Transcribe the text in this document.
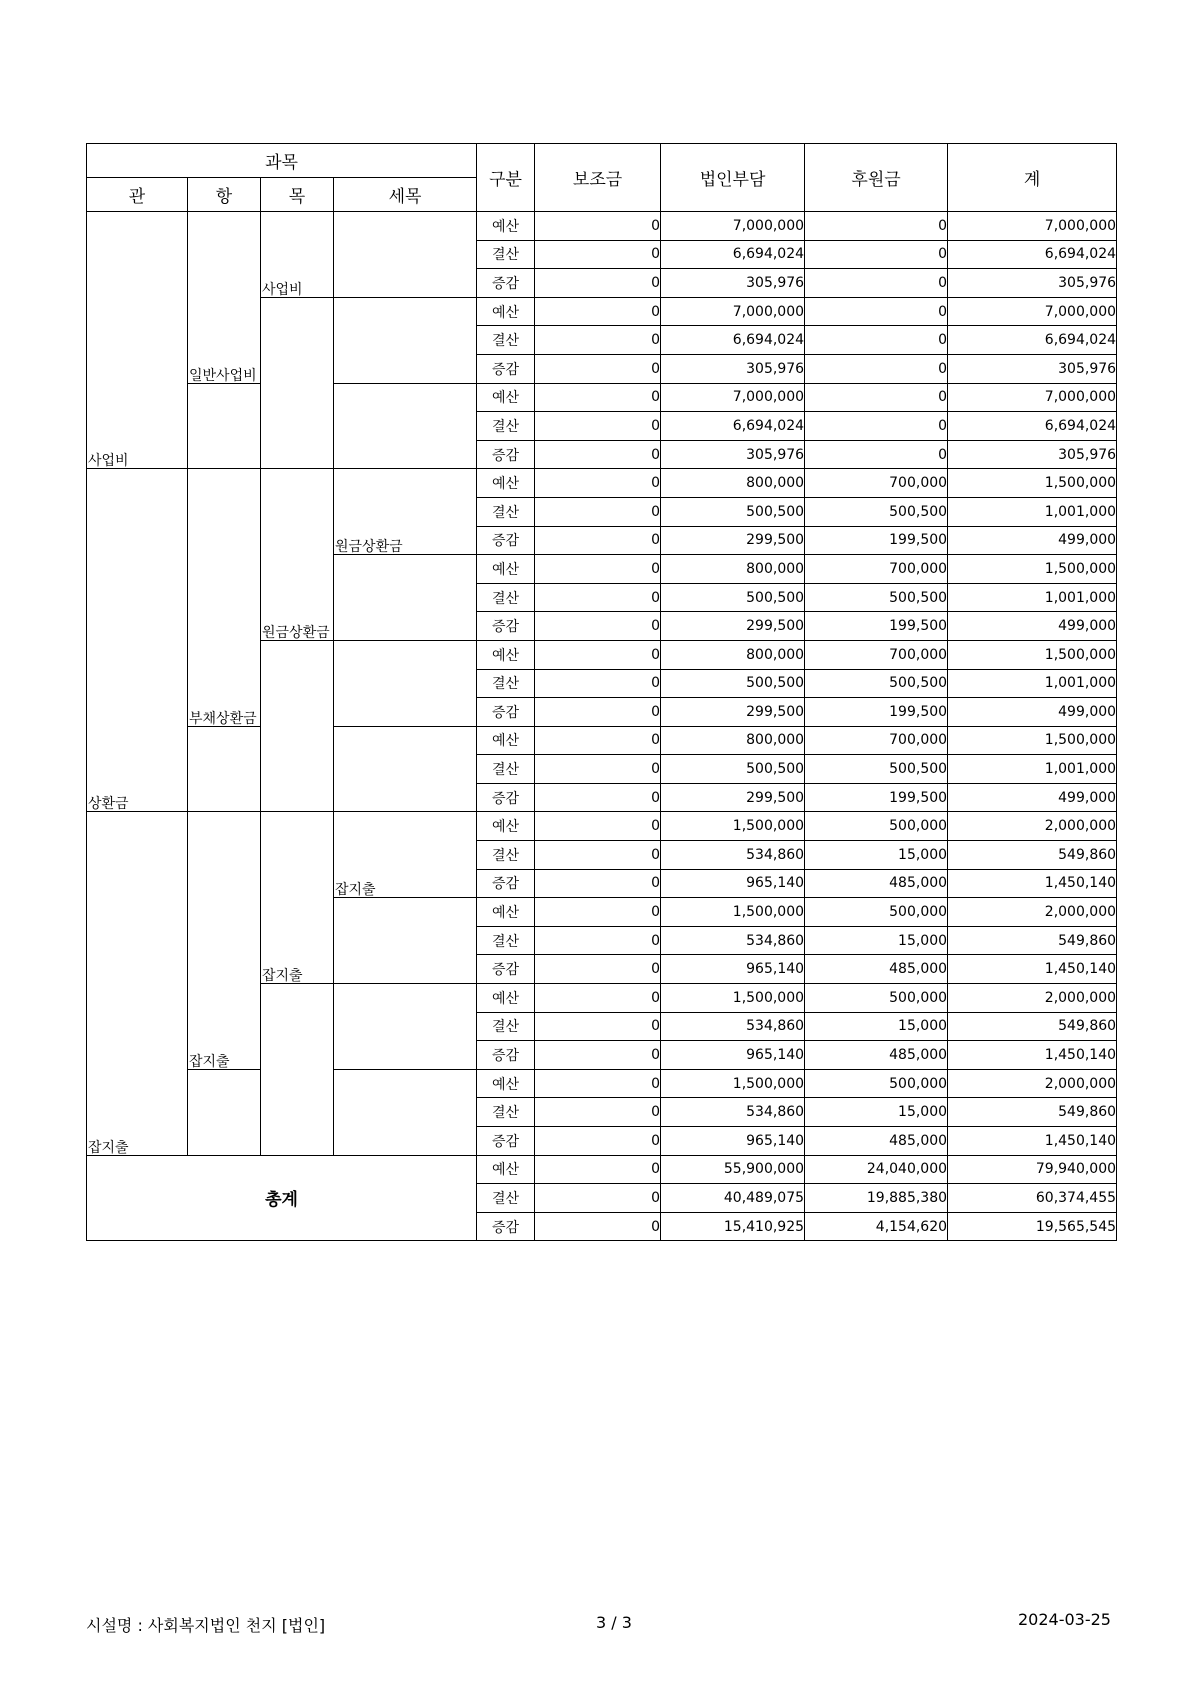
과목				구분	보조금	법인부담	후원금	계
관	항	목	세목					
사업비	일반사업비	사업비		예산	0	7,000,000	0	7,000,000
				결산	0	6,694,024	0	6,694,024
				증감	0	305,976	0	305,976
				예산	0	7,000,000	0	7,000,000
				결산	0	6,694,024	0	6,694,024
				증감	0	305,976	0	305,976
				예산	0	7,000,000	0	7,000,000
				결산	0	6,694,024	0	6,694,024
				증감	0	305,976	0	305,976
상환금	부채상환금	원금상환금	원금상환금	예산	0	800,000	700,000	1,500,000
				결산	0	500,500	500,500	1,001,000
				증감	0	299,500	199,500	499,000
				예산	0	800,000	700,000	1,500,000
				결산	0	500,500	500,500	1,001,000
				증감	0	299,500	199,500	499,000
				예산	0	800,000	700,000	1,500,000
				결산	0	500,500	500,500	1,001,000
				증감	0	299,500	199,500	499,000
				예산	0	800,000	700,000	1,500,000
				결산	0	500,500	500,500	1,001,000
				증감	0	299,500	199,500	499,000
잡지출	잡지출	잡지출	잡지출	예산	0	1,500,000	500,000	2,000,000
				결산	0	534,860	15,000	549,860
				증감	0	965,140	485,000	1,450,140
				예산	0	1,500,000	500,000	2,000,000
				결산	0	534,860	15,000	549,860
				증감	0	965,140	485,000	1,450,140
				예산	0	1,500,000	500,000	2,000,000
				결산	0	534,860	15,000	549,860
				증감	0	965,140	485,000	1,450,140
				예산	0	1,500,000	500,000	2,000,000
				결산	0	534,860	15,000	549,860
				증감	0	965,140	485,000	1,450,140
총계				예산	0	55,900,000	24,040,000	79,940,000
				결산	0	40,489,075	19,885,380	60,374,455
				증감	0	15,410,925	4,154,620	19,565,545
시설명 : 사회복지법인 천지 [법인]	3 / 3	2024-03-25
